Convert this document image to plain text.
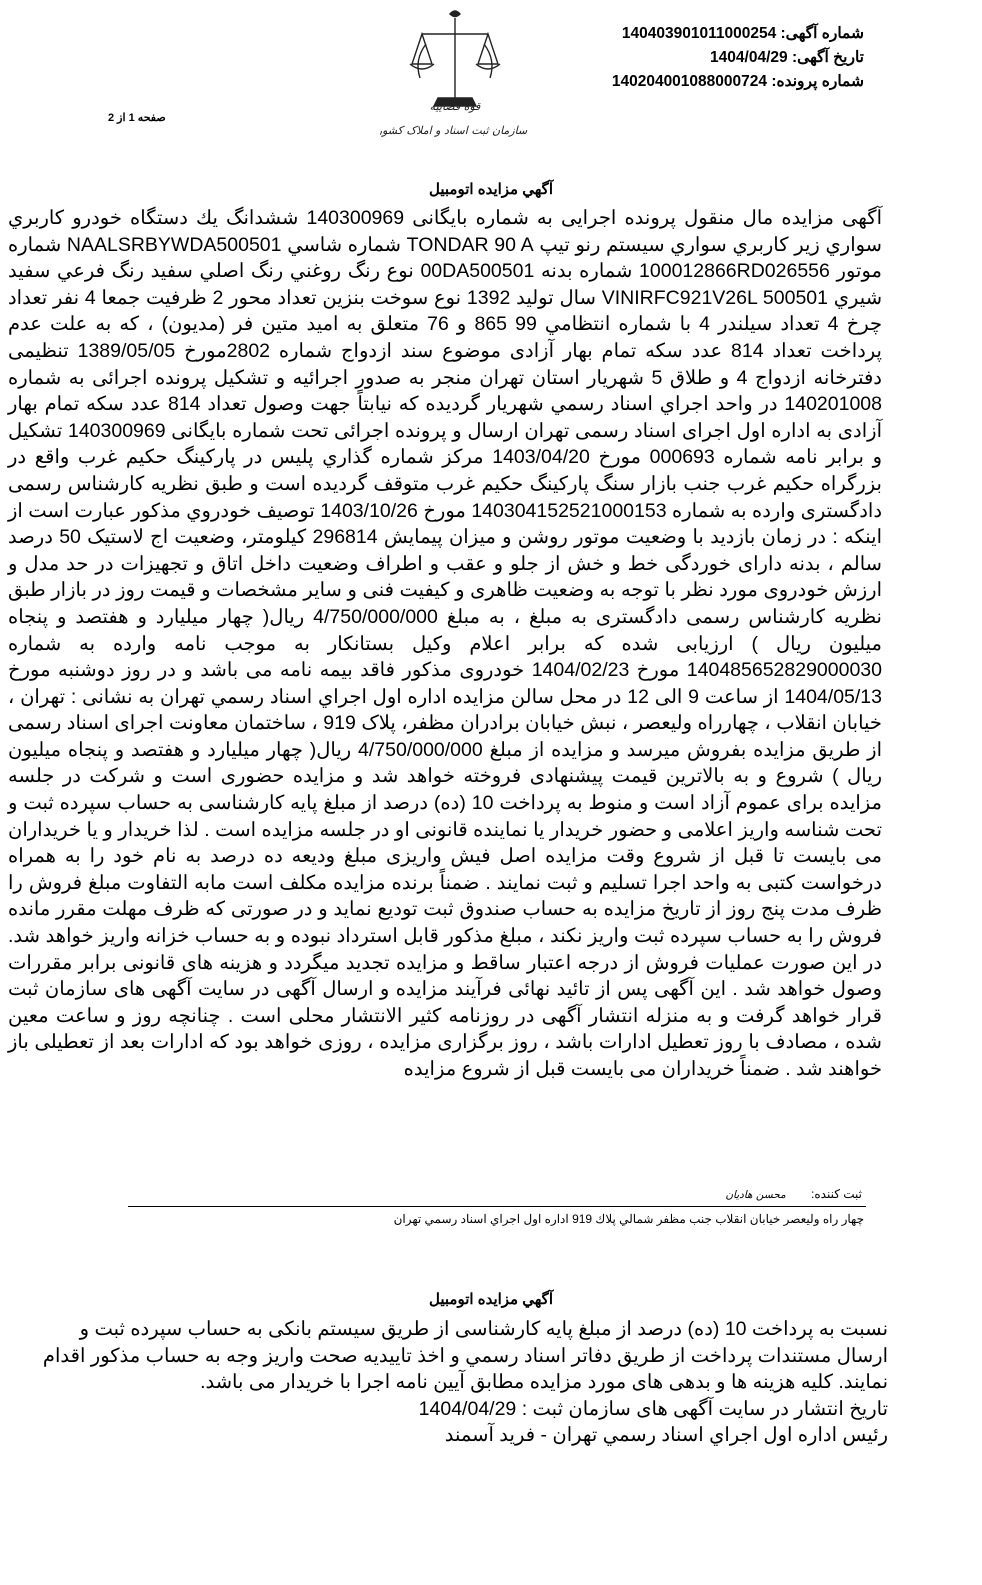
قوه قضاییه
سازمان ثبت اسناد و املاک کشور
شماره آگهی: 140403901011000254
تاریخ آگهی: 1404/04/29
شماره پرونده: 140204001088000724
صفحه 1 از 2
آگهي مزايده اتومبيل
آگهی مزایده مال منقول پرونده اجرایی به شماره بایگانی 140300969 ششدانگ يك دستگاه خودرو كاربري سواري زير كاربري سواري سيستم رنو تيپ TONDAR 90 A شماره شاسي NAALSRBYWDA500501 شماره موتور 100012866RD026556 شماره بدنه 00DA500501 نوع رنگ روغني رنگ اصلي سفيد رنگ فرعي سفيد شيري VINIRFC921V26L 500501 سال توليد 1392 نوع سوخت بنزين تعداد محور 2 ظرفيت جمعا 4 نفر تعداد چرخ 4 تعداد سيلندر 4 با شماره انتظامي 99 865 و 76 متعلق به امید متین فر (مدیون) ، که به علت عدم پرداخت تعداد 814 عدد سکه تمام بهار آزادی موضوع سند ازدواج شماره 2802مورخ 1389/05/05 تنظیمی دفترخانه ازدواج 4 و طلاق 5 شهریار استان تهران منجر به صدور اجرائیه و تشکیل پرونده اجرائی به شماره 140201008 در واحد اجراي اسناد رسمي شهريار گرديده که نیابتاً جهت وصول تعداد 814 عدد سکه تمام بهار آزادی به اداره اول اجرای اسناد رسمی تهران ارسال و پرونده اجرائی تحت شماره بایگانی 140300969 تشکیل و برابر نامه شماره 000693 مورخ 1403/04/20 مرکز شماره گذاري پليس در پارکینگ حکیم غرب واقع در بزرگراه حکیم غرب جنب بازار سنگ پارکینگ حکیم غرب متوقف گردیده است و طبق نظريه کارشناس رسمی دادگستری وارده به شماره 140304152521000153 مورخ 1403/10/26 توصيف خودروي مذكور عبارت است از اینکه : در زمان بازدید با وضعیت موتور روشن و میزان پیمایش 296814 کیلومتر، وضعیت اج لاستیک 50 درصد سالم ، بدنه دارای خوردگی خط و خش از جلو و عقب و اطراف وضعیت داخل اتاق و تجهیزات در حد مدل و ارزش خودروی مورد نظر با توجه به وضعیت ظاهری و کیفیت فنی و سایر مشخصات و قیمت روز در بازار طبق نظریه کارشناس رسمی دادگستری به مبلغ ، به مبلغ 4/750/000/000 ریال( چهار میلیارد و هفتصد و پنجاه میلیون ریال ) ارزیابی شده که برابر اعلام وکیل بستانکار به موجب نامه وارده به شماره 140485652829000030 مورخ 1404/02/23 خودروی مذکور فاقد بیمه نامه می باشد و در روز دوشنبه مورخ 1404/05/13 از ساعت 9 الی 12 در محل سالن مزايده اداره اول اجراي اسناد رسمي تهران به نشانی : تهران ، خیابان انقلاب ، چهارراه ولیعصر ، نبش خیابان برادران مظفر، پلاک 919 ، ساختمان معاونت اجرای اسناد رسمی از طریق مزایده بفروش میرسد و مزايده از مبلغ 4/750/000/000 ریال( چهار میلیارد و هفتصد و پنجاه میلیون ریال ) شروع و به بالاترين قيمت پيشنهادی فروخته خواهد شد و مزایده حضوری است و شرکت در جلسه مزایده برای عموم آزاد است و منوط به پرداخت 10 (ده) درصد از مبلغ پایه کارشناسی به حساب سپرده ثبت و تحت شناسه واریز اعلامی و حضور خریدار یا نماینده قانونی او در جلسه مزایده است . لذا خریدار و یا خریداران می بایست تا قبل از شروع وقت مزایده اصل فیش واریزی مبلغ ودیعه ده درصد به نام خود را به همراه درخواست کتبی به واحد اجرا تسلیم و ثبت نمایند . ضمناً برنده مزایده مکلف است مابه التفاوت مبلغ فروش را ظرف مدت پنج روز از تاریخ مزایده به حساب صندوق ثبت تودیع نماید و در صورتی که ظرف مهلت مقرر مانده فروش را به حساب سپرده ثبت واریز نکند ، مبلغ مذکور قابل استرداد نبوده و به حساب خزانه واریز خواهد شد. در این صورت عملیات فروش از درجه اعتبار ساقط و مزایده تجدید میگردد و هزینه های قانونی برابر مقررات وصول خواهد شد . این آگهی پس از تائید نهائی فرآیند مزایده و ارسال آگهی در سایت آگهی های سازمان ثبت قرار خواهد گرفت و به منزله انتشار آگهی در روزنامه کثیر الانتشار محلی است . چنانچه روز و ساعت معین شده ، مصادف با روز تعطیل ادارات باشد ، روز برگزاری مزایده ، روزی خواهد بود که ادارات بعد از تعطیلی باز خواهند شد . ضمناً خریداران می بایست قبل از شروع مزایده
ثبت کننده: محسن هادیان
چهار راه وليعصر خيابان انقلاب جنب مظفر شمالي پلاك 919 اداره اول اجراي اسناد رسمي تهران
آگهي مزايده اتومبيل
نسبت به پرداخت 10 (ده) درصد از مبلغ پایه کارشناسی از طریق سیستم بانکی به حساب سپرده ثبت و
ارسال مستندات پرداخت از طريق دفاتر اسناد رسمي و اخذ تاييديه صحت واريز وجه به حساب مذكور اقدام
نمايند. كليه هزينه ها و بدهی های مورد مزایده مطابق آيين نامه اجرا با خريدار می باشد.
تاریخ انتشار در سایت آگهی های سازمان ثبت : 1404/04/29
رئيس اداره اول اجراي اسناد رسمي تهران - فريد آسمند
